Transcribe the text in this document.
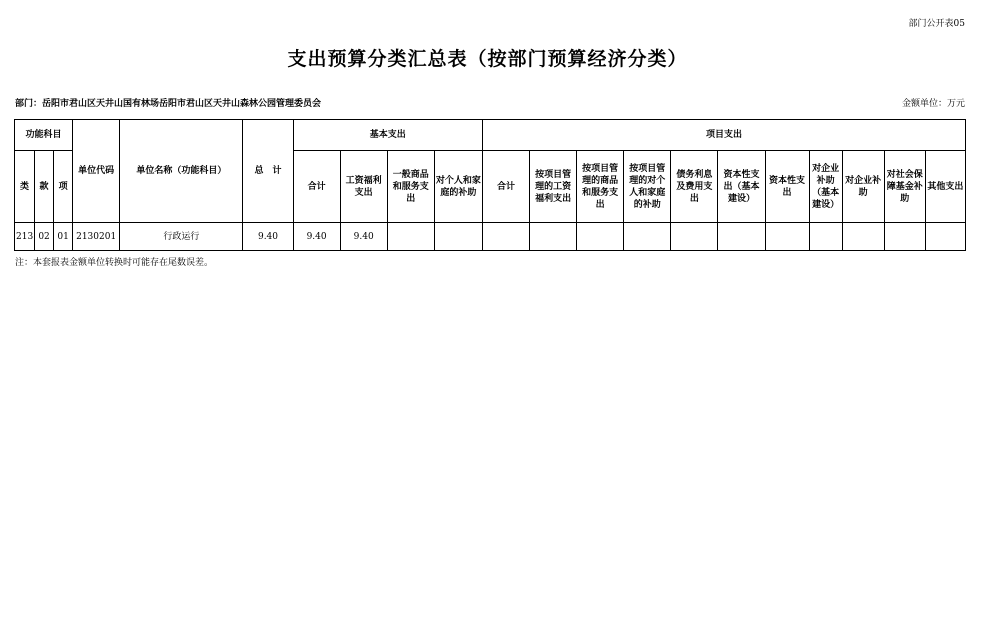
部门公开表05
支出预算分类汇总表（按部门预算经济分类）
部门：岳阳市君山区天井山国有林场岳阳市君山区天井山森林公园管理委员会	金额单位：万元
功能科目			单位代码	单位名称（功能科目）	总　计	基本支出				项目支出										
类	款	项				合计	工资福利支出	一般商品和服务支出	对个人和家庭的补助	合计	按项目管理的工资福利支出	按项目管理的商品和服务支出	按项目管理的对个人和家庭的补助	债务利息及费用支出	资本性支出（基本建设）	资本性支出	对企业补助（基本建设）	对企业补助	对社会保障基金补助	其他支出
213	02	01	2130201	行政运行	9.40	9.40	9.40													
注：本套报表金额单位转换时可能存在尾数误差。
